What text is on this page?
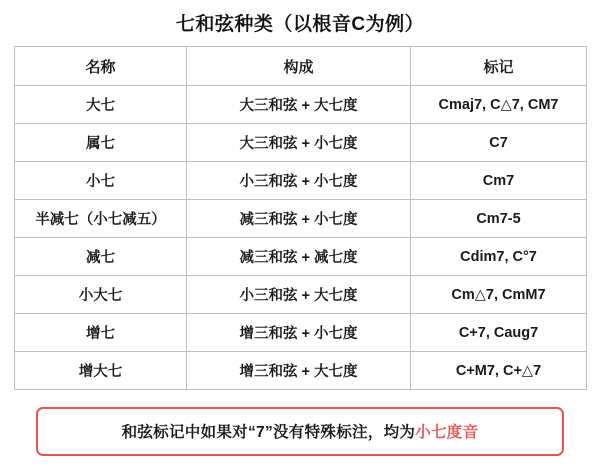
七和弦种类（以根音C为例）
名称	构成	标记
大七	大三和弦 + 大七度	Cmaj7, C△7, CM7
属七	大三和弦 + 小七度	C7
小七	小三和弦 + 小七度	Cm7
半减七（小七减五）	减三和弦 + 小七度	Cm7-5
减七	减三和弦 + 减七度	Cdim7, C°7
小大七	小三和弦 + 大七度	Cm△7, CmM7
增七	增三和弦 + 小七度	C+7, Caug7
增大七	增三和弦 + 大七度	C+M7, C+△7
和弦标记中如果对“7”没有特殊标注，均为小七度音
